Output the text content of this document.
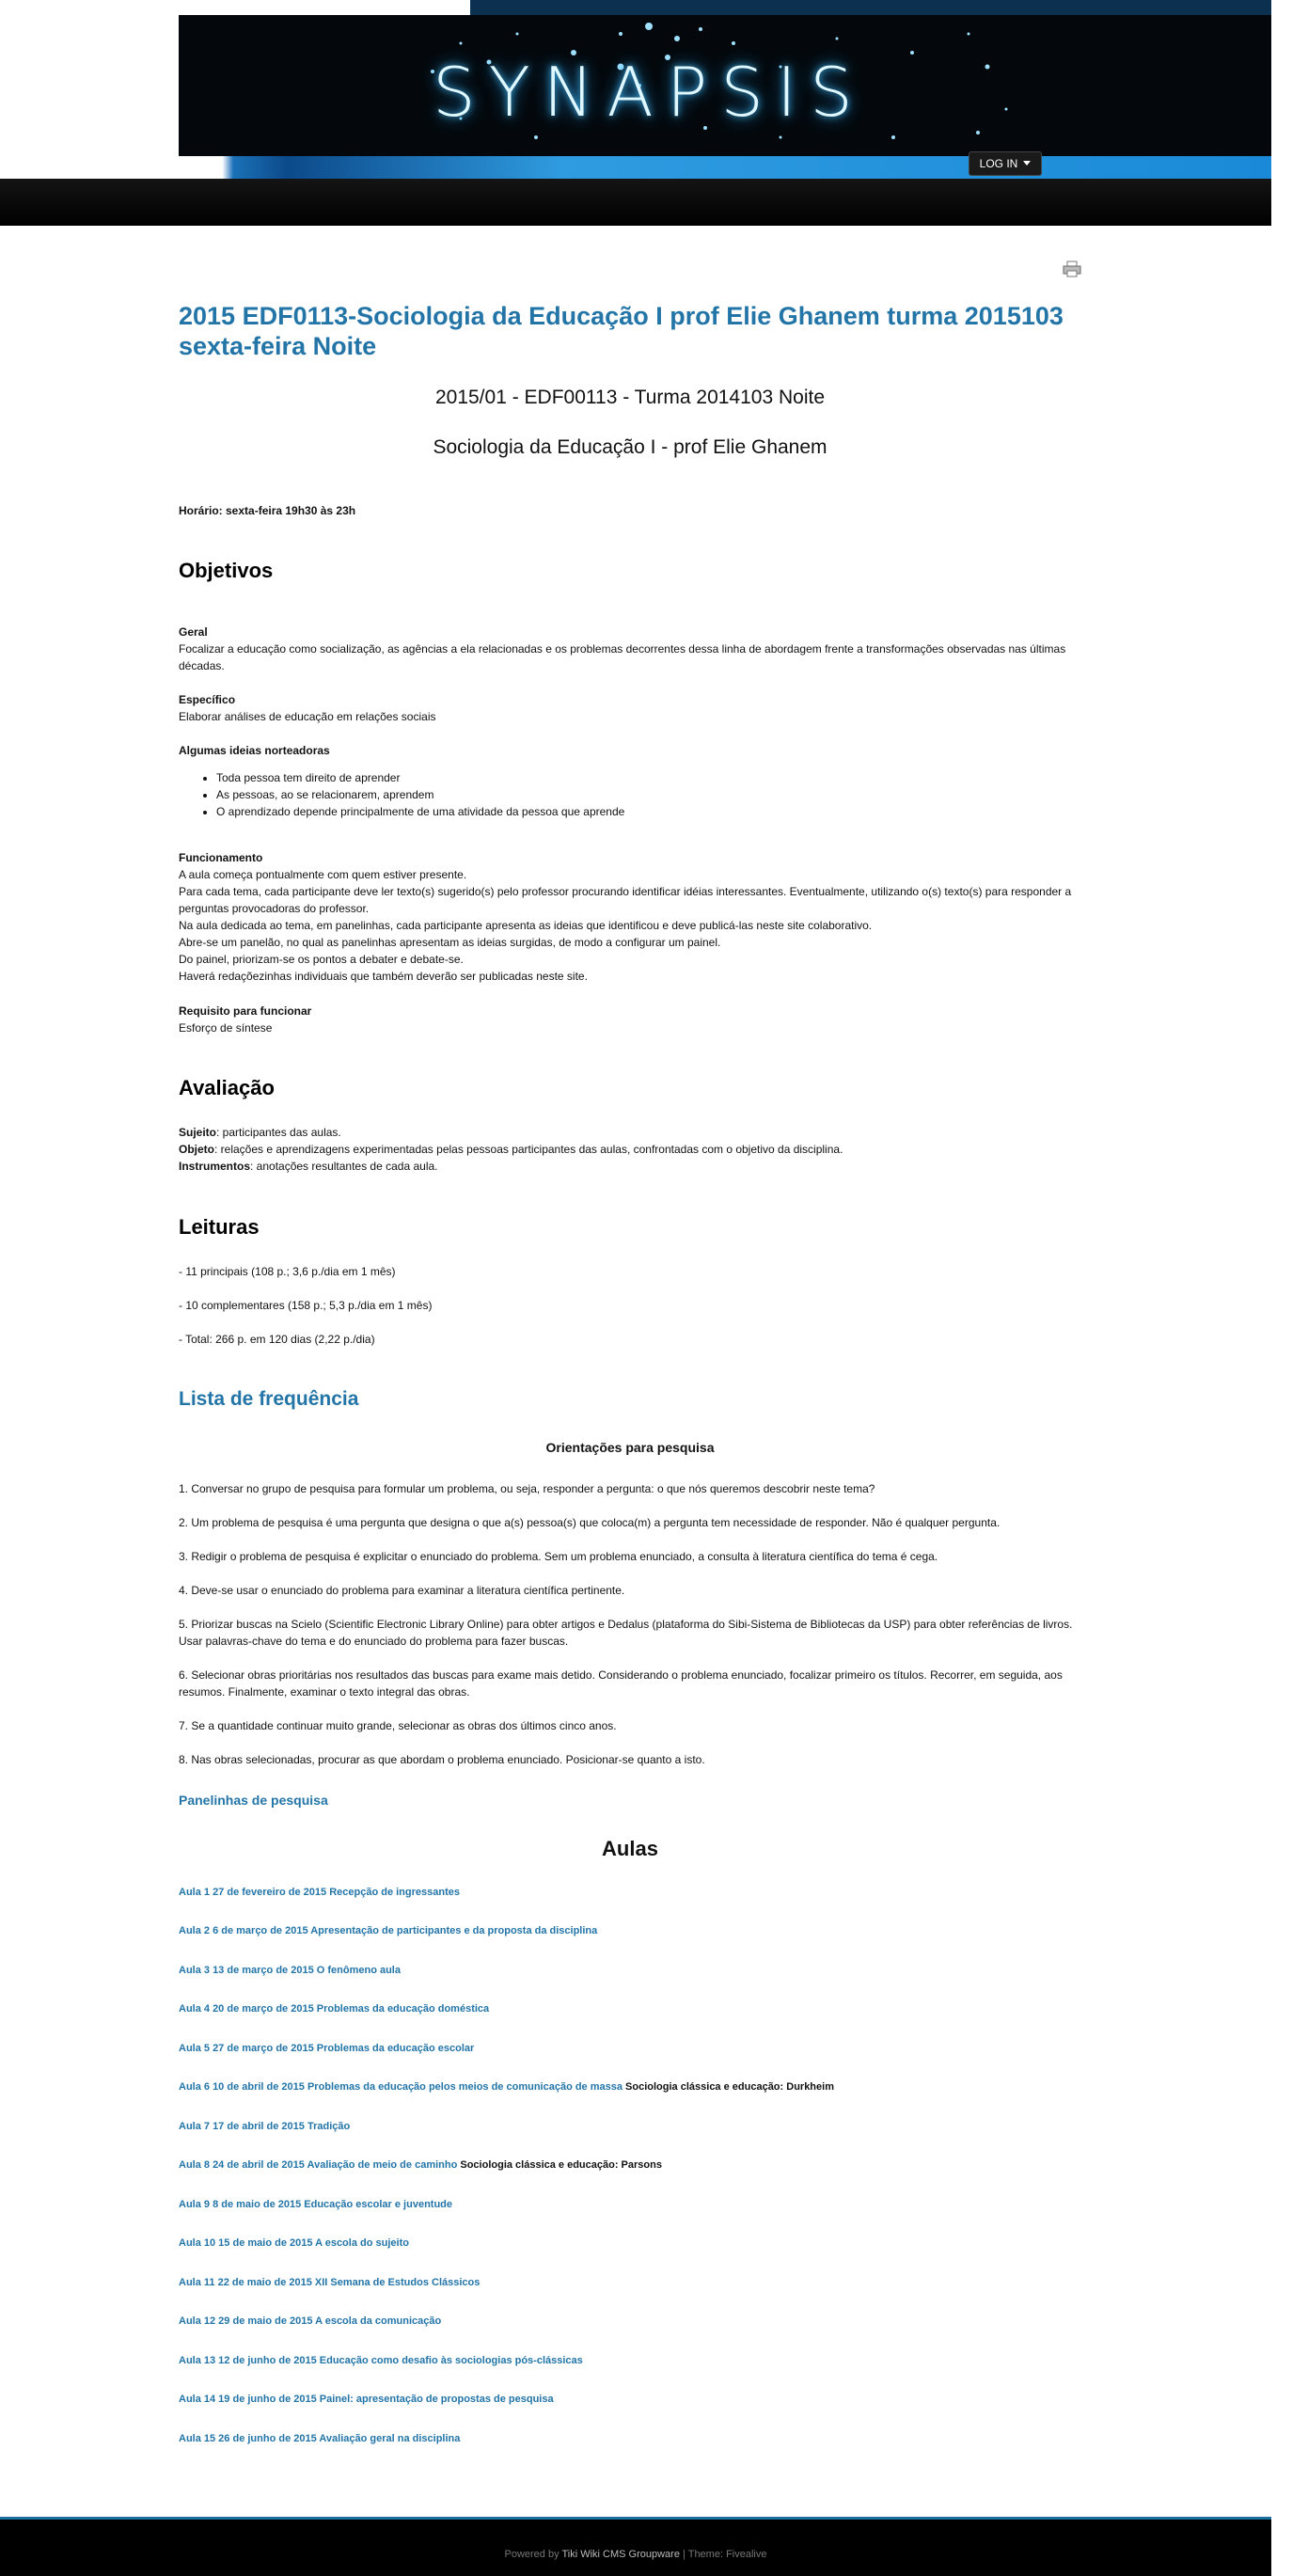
SYNAPSIS
LOG IN
2015 EDF0113-Sociologia da Educação I prof Elie Ghanem turma 2015103 sexta-feira Noite

2015/01 - EDF00113 - Turma 2014103 Noite

Sociologia da Educação I - prof Elie Ghanem

Horário: sexta-feira 19h30 às 23h

Objetivos

Geral

Focalizar a educação como socialização, as agências a ela relacionadas e os problemas decorrentes dessa linha de abordagem frente a transformações observadas nas últimas décadas.

Específico

Elaborar análises de educação em relações sociais

Algumas ideias norteadoras

• Toda pessoa tem direito de aprender
• As pessoas, ao se relacionarem, aprendem
• O aprendizado depende principalmente de uma atividade da pessoa que aprende

Funcionamento

A aula começa pontualmente com quem estiver presente.
Para cada tema, cada participante deve ler texto(s) sugerido(s) pelo professor procurando identificar idéias interessantes. Eventualmente, utilizando o(s) texto(s) para responder a perguntas provocadoras do professor.
Na aula dedicada ao tema, em panelinhas, cada participante apresenta as ideias que identificou e deve publicá-las neste site colaborativo.
Abre-se um panelão, no qual as panelinhas apresentam as ideias surgidas, de modo a configurar um painel.
Do painel, priorizam-se os pontos a debater e debate-se.
Haverá redaçõezinhas individuais que também deverão ser publicadas neste site.

Requisito para funcionar

Esforço de síntese

Avaliação

Sujeito: participantes das aulas.

Objeto: relações e aprendizagens experimentadas pelas pessoas participantes das aulas, confrontadas com o objetivo da disciplina.

Instrumentos: anotações resultantes de cada aula.

Leituras

- 11 principais (108 p.; 3,6 p./dia em 1 mês)

- 10 complementares (158 p.; 5,3 p./dia em 1 mês)

- Total: 266 p. em 120 dias (2,22 p./dia)

Lista de frequência

Orientações para pesquisa

1. Conversar no grupo de pesquisa para formular um problema, ou seja, responder a pergunta: o que nós queremos descobrir neste tema?

2. Um problema de pesquisa é uma pergunta que designa o que a(s) pessoa(s) que coloca(m) a pergunta tem necessidade de responder. Não é qualquer pergunta.

3. Redigir o problema de pesquisa é explicitar o enunciado do problema. Sem um problema enunciado, a consulta à literatura científica do tema é cega.

4. Deve-se usar o enunciado do problema para examinar a literatura científica pertinente.

5. Priorizar buscas na Scielo (Scientific Electronic Library Online) para obter artigos e Dedalus (plataforma do Sibi-Sistema de Bibliotecas da USP) para obter referências de livros. Usar palavras-chave do tema e do enunciado do problema para fazer buscas.

6. Selecionar obras prioritárias nos resultados das buscas para exame mais detido. Considerando o problema enunciado, focalizar primeiro os títulos. Recorrer, em seguida, aos resumos. Finalmente, examinar o texto integral das obras.

7. Se a quantidade continuar muito grande, selecionar as obras dos últimos cinco anos.

8. Nas obras selecionadas, procurar as que abordam o problema enunciado. Posicionar-se quanto a isto.

Panelinhas de pesquisa

Aulas

Aula 1 27 de fevereiro de 2015 Recepção de ingressantes
Aula 2 6 de março de 2015 Apresentação de participantes e da proposta da disciplina
Aula 3 13 de março de 2015 O fenômeno aula
Aula 4 20 de março de 2015 Problemas da educação doméstica
Aula 5 27 de março de 2015 Problemas da educação escolar
Aula 6 10 de abril de 2015 Problemas da educação pelos meios de comunicação de massa Sociologia clássica e educação: Durkheim
Aula 7 17 de abril de 2015 Tradição
Aula 8 24 de abril de 2015 Avaliação de meio de caminho Sociologia clássica e educação: Parsons
Aula 9 8 de maio de 2015 Educação escolar e juventude
Aula 10 15 de maio de 2015 A escola do sujeito
Aula 11 22 de maio de 2015 XII Semana de Estudos Clássicos
Aula 12 29 de maio de 2015 A escola da comunicação
Aula 13 12 de junho de 2015 Educação como desafio às sociologias pós-clássicas
Aula 14 19 de junho de 2015 Painel: apresentação de propostas de pesquisa
Aula 15 26 de junho de 2015 Avaliação geral na disciplina
Powered by Tiki Wiki CMS Groupware | Theme: Fivealive
